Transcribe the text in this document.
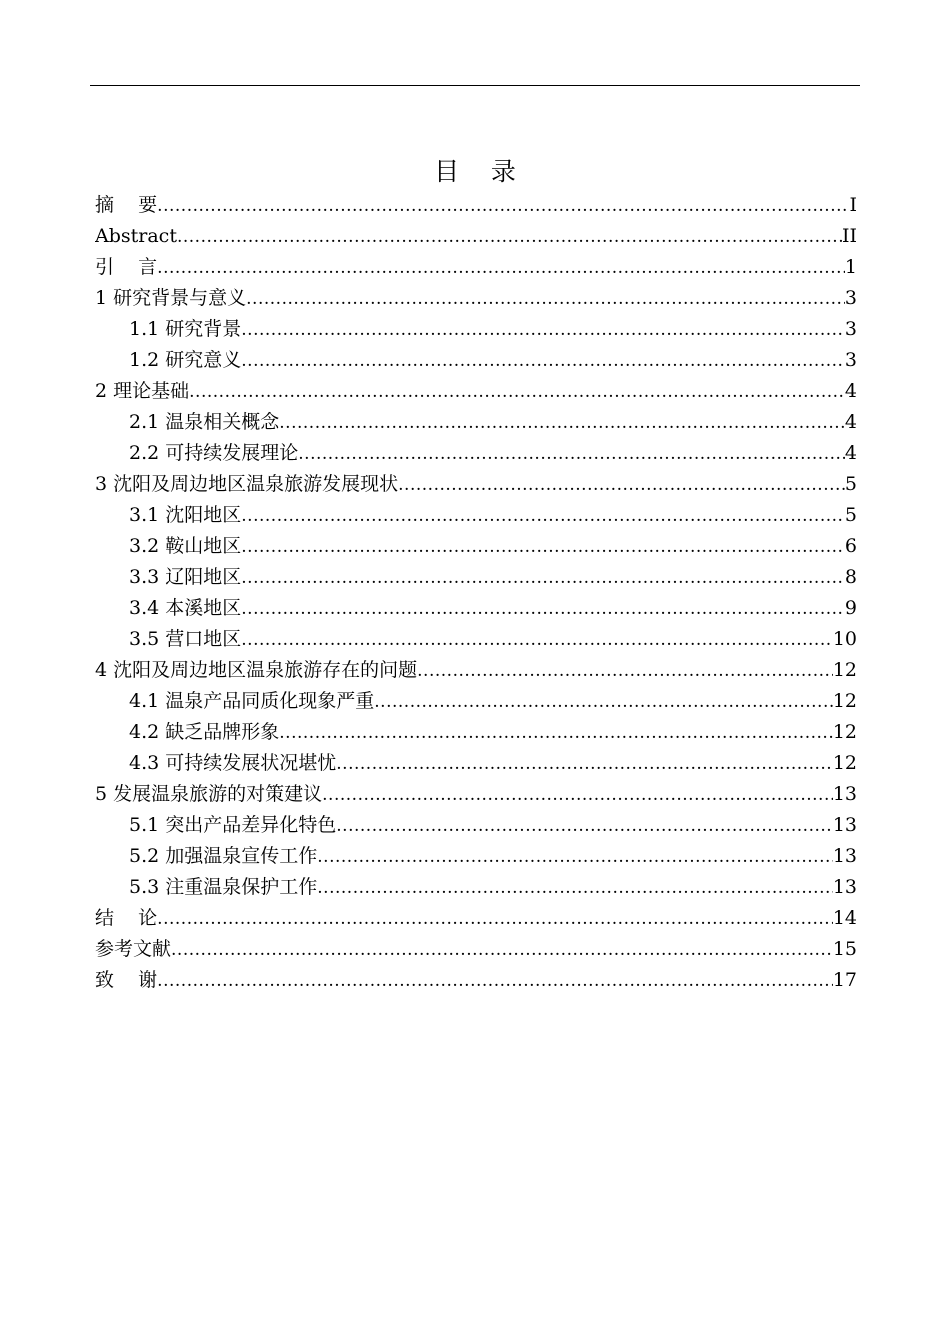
目    录
摘    要 .....	I
Abstract .....	II
引    言 .....	1
1 研究背景与意义 .....	3
1.1 研究背景 .....	3
1.2 研究意义 .....	3
2 理论基础 .....	4
2.1 温泉相关概念 .....	4
2.2 可持续发展理论 .....	4
3 沈阳及周边地区温泉旅游发展现状 .....	5
3.1 沈阳地区 .....	5
3.2 鞍山地区 .....	6
3.3 辽阳地区 .....	8
3.4 本溪地区 .....	9
3.5 营口地区 .....	10
4 沈阳及周边地区温泉旅游存在的问题 .....	12
4.1 温泉产品同质化现象严重 .....	12
4.2 缺乏品牌形象 .....	12
4.3 可持续发展状况堪忧 .....	12
5 发展温泉旅游的对策建议 .....	13
5.1 突出产品差异化特色 .....	13
5.2 加强温泉宣传工作 .....	13
5.3 注重温泉保护工作 .....	13
结    论 .....	14
参考文献 .....	15
致    谢 .....	17
